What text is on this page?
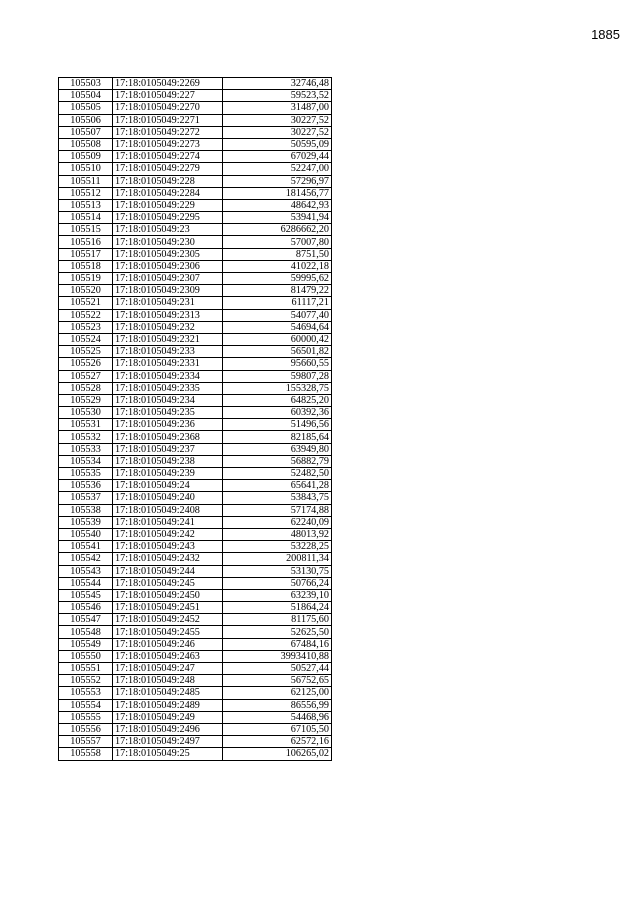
1885
105503	17:18:0105049:2269	32746,48
105504	17:18:0105049:227	59523,52
105505	17:18:0105049:2270	31487,00
105506	17:18:0105049:2271	30227,52
105507	17:18:0105049:2272	30227,52
105508	17:18:0105049:2273	50595,09
105509	17:18:0105049:2274	67029,44
105510	17:18:0105049:2279	52247,00
105511	17:18:0105049:228	57296,97
105512	17:18:0105049:2284	181456,77
105513	17:18:0105049:229	48642,93
105514	17:18:0105049:2295	53941,94
105515	17:18:0105049:23	6286662,20
105516	17:18:0105049:230	57007,80
105517	17:18:0105049:2305	8751,50
105518	17:18:0105049:2306	41022,18
105519	17:18:0105049:2307	59995,62
105520	17:18:0105049:2309	81479,22
105521	17:18:0105049:231	61117,21
105522	17:18:0105049:2313	54077,40
105523	17:18:0105049:232	54694,64
105524	17:18:0105049:2321	60000,42
105525	17:18:0105049:233	56501,82
105526	17:18:0105049:2331	95660,55
105527	17:18:0105049:2334	59807,28
105528	17:18:0105049:2335	155328,75
105529	17:18:0105049:234	64825,20
105530	17:18:0105049:235	60392,36
105531	17:18:0105049:236	51496,56
105532	17:18:0105049:2368	82185,64
105533	17:18:0105049:237	63949,80
105534	17:18:0105049:238	56882,79
105535	17:18:0105049:239	52482,50
105536	17:18:0105049:24	65641,28
105537	17:18:0105049:240	53843,75
105538	17:18:0105049:2408	57174,88
105539	17:18:0105049:241	62240,09
105540	17:18:0105049:242	48013,92
105541	17:18:0105049:243	53228,25
105542	17:18:0105049:2432	200811,34
105543	17:18:0105049:244	53130,75
105544	17:18:0105049:245	50766,24
105545	17:18:0105049:2450	63239,10
105546	17:18:0105049:2451	51864,24
105547	17:18:0105049:2452	81175,60
105548	17:18:0105049:2455	52625,50
105549	17:18:0105049:246	67484,16
105550	17:18:0105049:2463	3993410,88
105551	17:18:0105049:247	50527,44
105552	17:18:0105049:248	56752,65
105553	17:18:0105049:2485	62125,00
105554	17:18:0105049:2489	86556,99
105555	17:18:0105049:249	54468,96
105556	17:18:0105049:2496	67105,50
105557	17:18:0105049:2497	62572,16
105558	17:18:0105049:25	106265,02
